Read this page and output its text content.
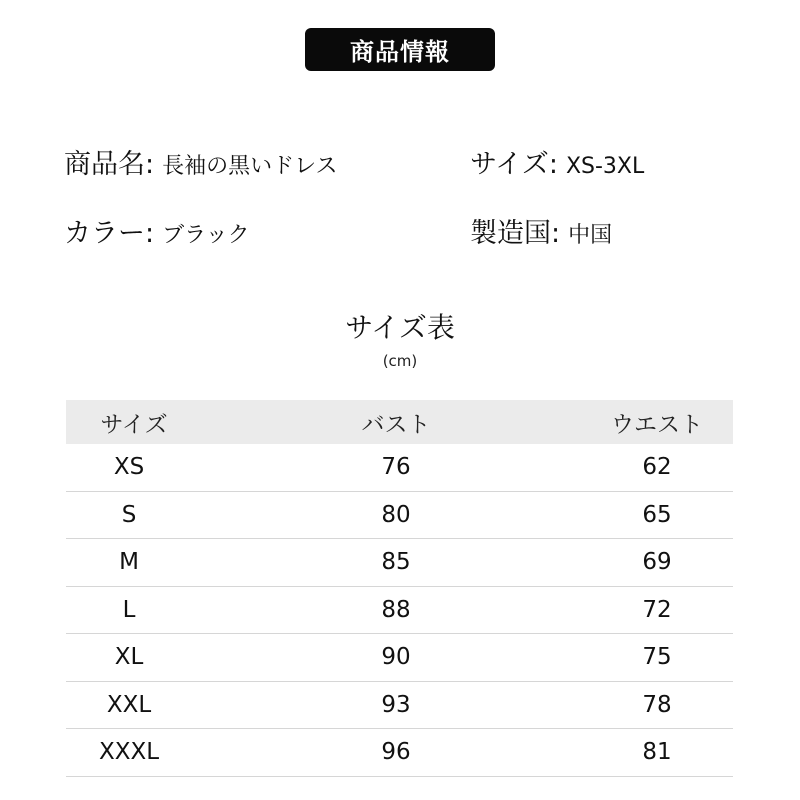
商品情報
商品名: 長袖の黒いドレス	サイズ: XS-3XL
カラー: ブラック	製造国: 中国
サイズ表
(cm)
サイズ	バスト	ウエスト
XS	76	62
S	80	65
M	85	69
L	88	72
XL	90	75
XXL	93	78
XXXL	96	81
